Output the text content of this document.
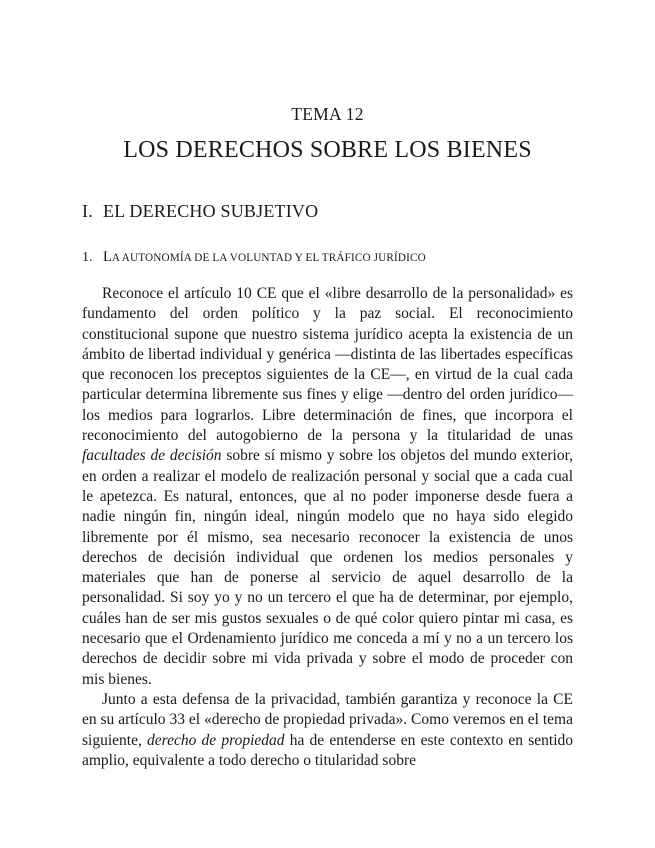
TEMA 12
LOS DERECHOS SOBRE LOS BIENES
I. EL DERECHO SUBJETIVO
1. LA AUTONOMÍA DE LA VOLUNTAD Y EL TRÁFICO JURÍDICO

Reconoce el artículo 10 CE que el «libre desarrollo de la personalidad» es fundamento del orden político y la paz social. El reconocimiento constitucional supone que nuestro sistema jurídico acepta la existencia de un ámbito de libertad individual y genérica —distinta de las libertades específicas que reconocen los preceptos siguientes de la CE—, en virtud de la cual cada particular determina libremente sus fines y elige —dentro del orden jurídico— los medios para lograrlos. Libre determinación de fines, que incorpora el reconocimiento del autogobierno de la persona y la titularidad de unas facultades de decisión sobre sí mismo y sobre los objetos del mundo exterior, en orden a realizar el modelo de realización personal y social que a cada cual le apetezca. Es natural, entonces, que al no poder imponerse desde fuera a nadie ningún fin, ningún ideal, ningún modelo que no haya sido elegido libremente por él mismo, sea necesario reconocer la existencia de unos derechos de decisión individual que ordenen los medios personales y materiales que han de ponerse al servicio de aquel desarrollo de la personalidad. Si soy yo y no un tercero el que ha de determinar, por ejemplo, cuáles han de ser mis gustos sexuales o de qué color quiero pintar mi casa, es necesario que el Ordenamiento jurídico me conceda a mí y no a un tercero los derechos de decidir sobre mi vida privada y sobre el modo de proceder con mis bienes.

Junto a esta defensa de la privacidad, también garantiza y reconoce la CE en su artículo 33 el «derecho de propiedad privada». Como veremos en el tema siguiente, derecho de propiedad ha de entenderse en este contexto en sentido amplio, equivalente a todo derecho o titularidad sobre
